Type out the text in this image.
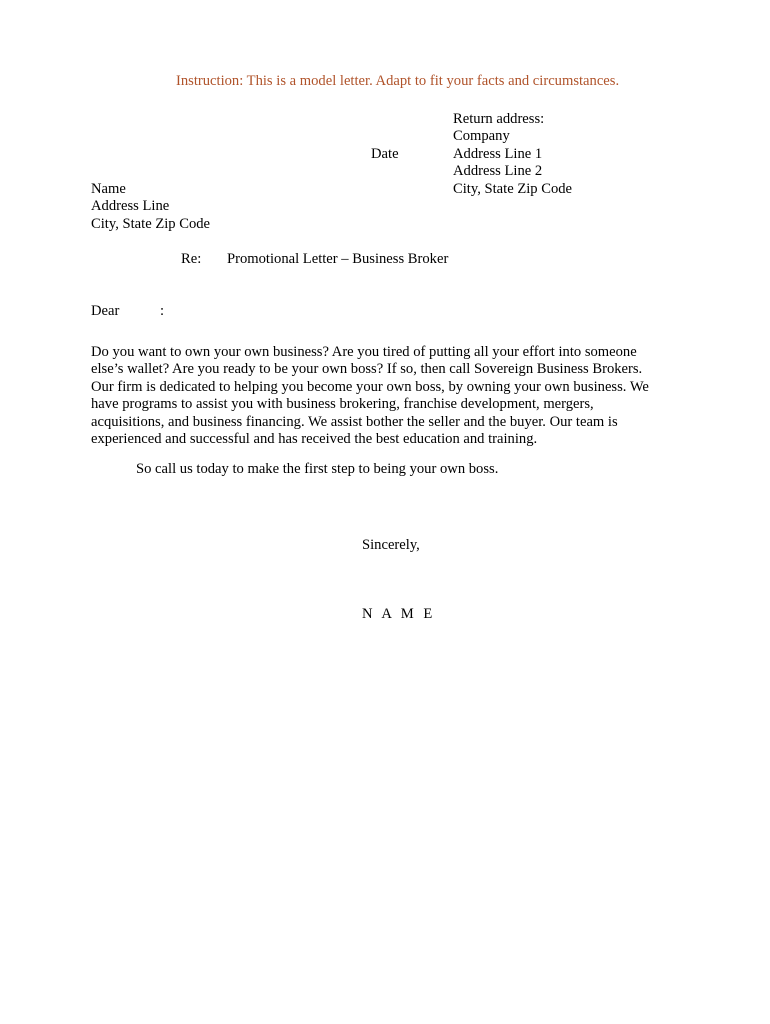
Instruction: This is a model letter. Adapt to fit your facts and circumstances.
Return address:
Company
Address Line 1
Address Line 2
City, State Zip Code
Date
Name
Address Line
City, State Zip Code
Re: Promotional Letter – Business Broker
Dear	:
Do you want to own your own business? Are you tired of putting all your effort into someone
else’s wallet? Are you ready to be your own boss? If so, then call Sovereign Business Brokers.
Our firm is dedicated to helping you become your own boss, by owning your own business. We
have programs to assist you with business brokering, franchise development, mergers,
acquisitions, and business financing. We assist bother the seller and the buyer. Our team is
experienced and successful and has received the best education and training.
So call us today to make the first step to being your own boss.
Sincerely,
N A M E
